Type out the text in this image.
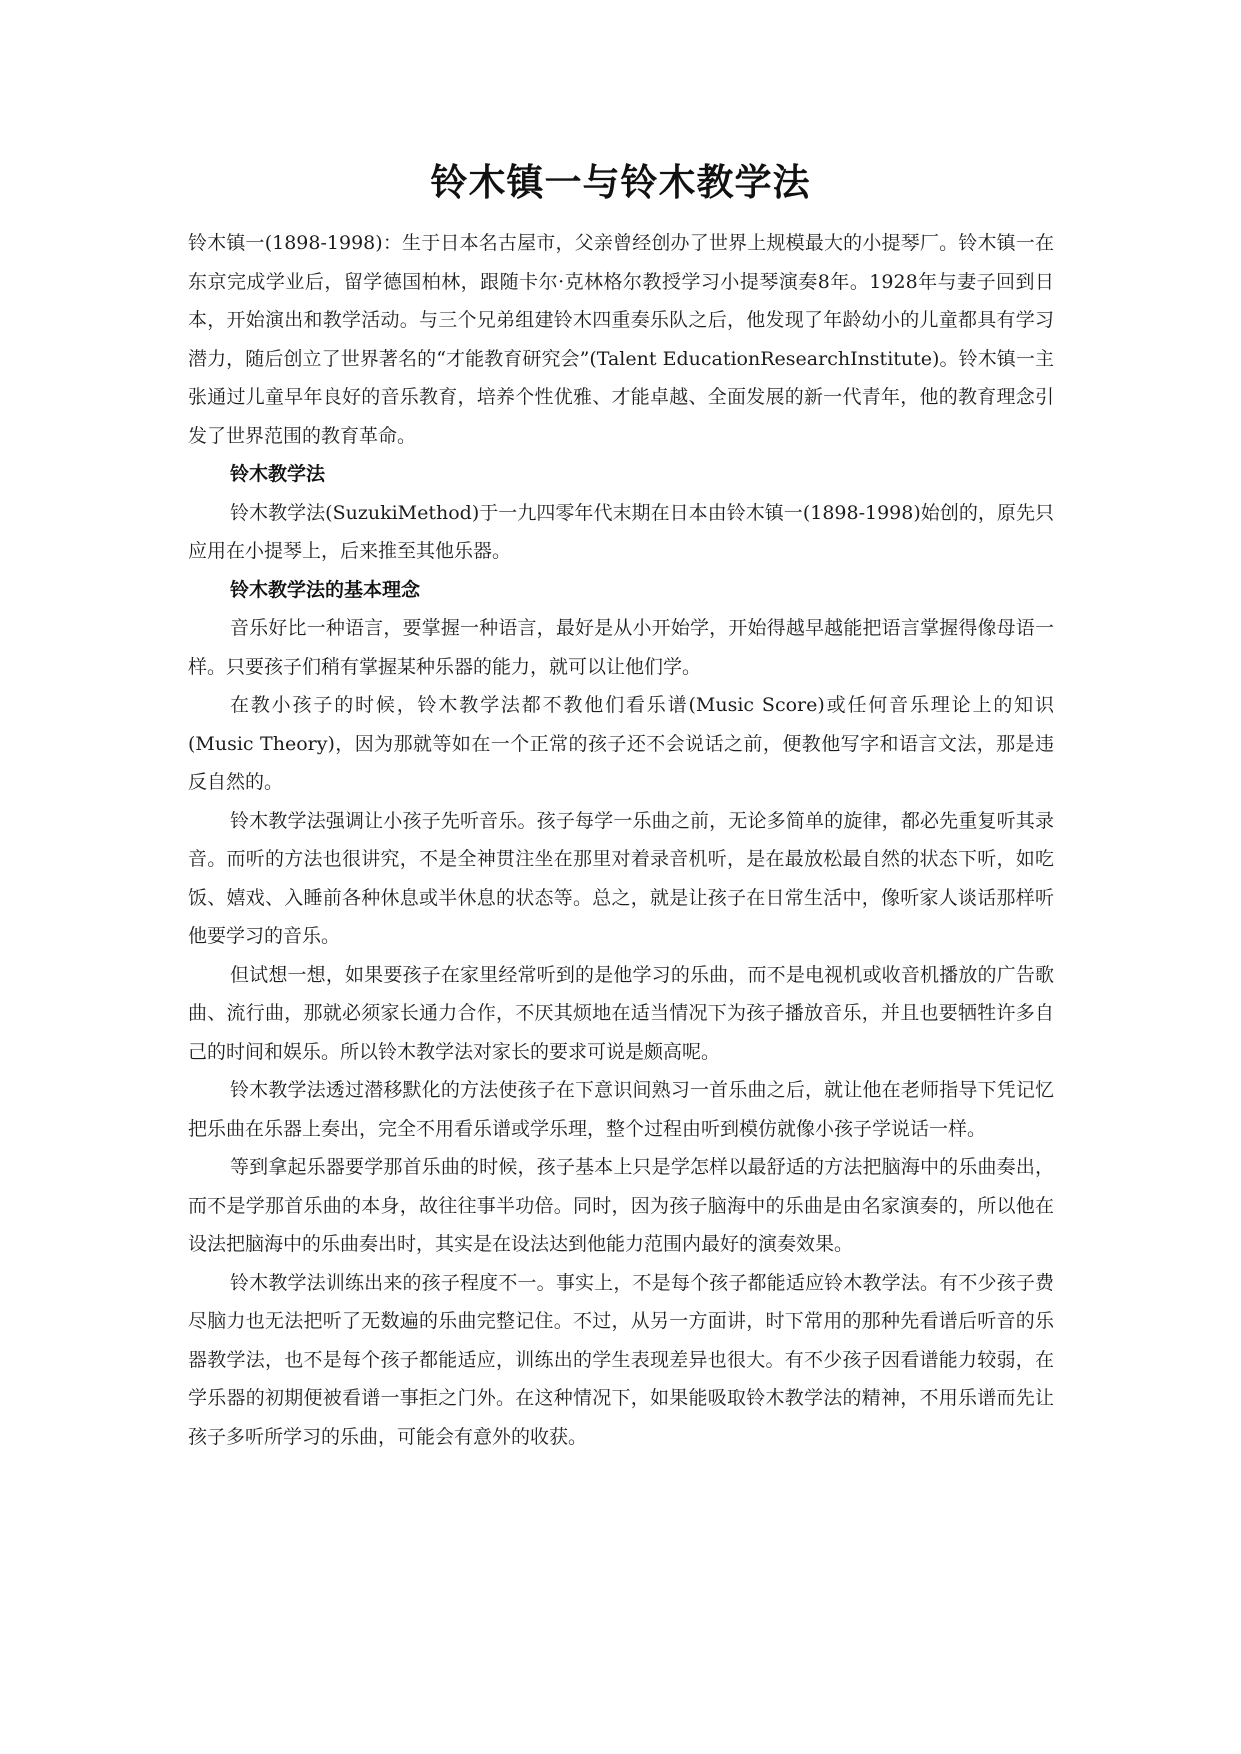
铃木镇一与铃木教学法

铃木镇一(1898-1998)：生于日本名古屋市，父亲曾经创办了世界上规模最大的小提琴厂。铃木镇一在东京完成学业后，留学德国柏林，跟随卡尔·克林格尔教授学习小提琴演奏8年。1928年与妻子回到日本，开始演出和教学活动。与三个兄弟组建铃木四重奏乐队之后，他发现了年龄幼小的儿童都具有学习潜力，随后创立了世界著名的“才能教育研究会”(Talent EducationResearchInstitute)。铃木镇一主张通过儿童早年良好的音乐教育，培养个性优雅、才能卓越、全面发展的新一代青年，他的教育理念引发了世界范围的教育革命。

铃木教学法

铃木教学法(SuzukiMethod)于一九四零年代末期在日本由铃木镇一(1898-1998)始创的，原先只应用在小提琴上，后来推至其他乐器。

铃木教学法的基本理念

音乐好比一种语言，要掌握一种语言，最好是从小开始学，开始得越早越能把语言掌握得像母语一样。只要孩子们稍有掌握某种乐器的能力，就可以让他们学。

在教小孩子的时候，铃木教学法都不教他们看乐谱(Music Score)或任何音乐理论上的知识(Music Theory)，因为那就等如在一个正常的孩子还不会说话之前，便教他写字和语言文法，那是违反自然的。

铃木教学法强调让小孩子先听音乐。孩子每学一乐曲之前，无论多简单的旋律，都必先重复听其录音。而听的方法也很讲究，不是全神贯注坐在那里对着录音机听，是在最放松最自然的状态下听，如吃饭、嬉戏、入睡前各种休息或半休息的状态等。总之，就是让孩子在日常生活中，像听家人谈话那样听他要学习的音乐。

但试想一想，如果要孩子在家里经常听到的是他学习的乐曲，而不是电视机或收音机播放的广告歌曲、流行曲，那就必须家长通力合作，不厌其烦地在适当情况下为孩子播放音乐，并且也要牺牲许多自己的时间和娱乐。所以铃木教学法对家长的要求可说是颇高呢。

铃木教学法透过潜移默化的方法使孩子在下意识间熟习一首乐曲之后，就让他在老师指导下凭记忆把乐曲在乐器上奏出，完全不用看乐谱或学乐理，整个过程由听到模仿就像小孩子学说话一样。

等到拿起乐器要学那首乐曲的时候，孩子基本上只是学怎样以最舒适的方法把脑海中的乐曲奏出，而不是学那首乐曲的本身，故往往事半功倍。同时，因为孩子脑海中的乐曲是由名家演奏的，所以他在设法把脑海中的乐曲奏出时，其实是在设法达到他能力范围内最好的演奏效果。

铃木教学法训练出来的孩子程度不一。事实上，不是每个孩子都能适应铃木教学法。有不少孩子费尽脑力也无法把听了无数遍的乐曲完整记住。不过，从另一方面讲，时下常用的那种先看谱后听音的乐器教学法，也不是每个孩子都能适应，训练出的学生表现差异也很大。有不少孩子因看谱能力较弱，在学乐器的初期便被看谱一事拒之门外。在这种情况下，如果能吸取铃木教学法的精神，不用乐谱而先让孩子多听所学习的乐曲，可能会有意外的收获。
